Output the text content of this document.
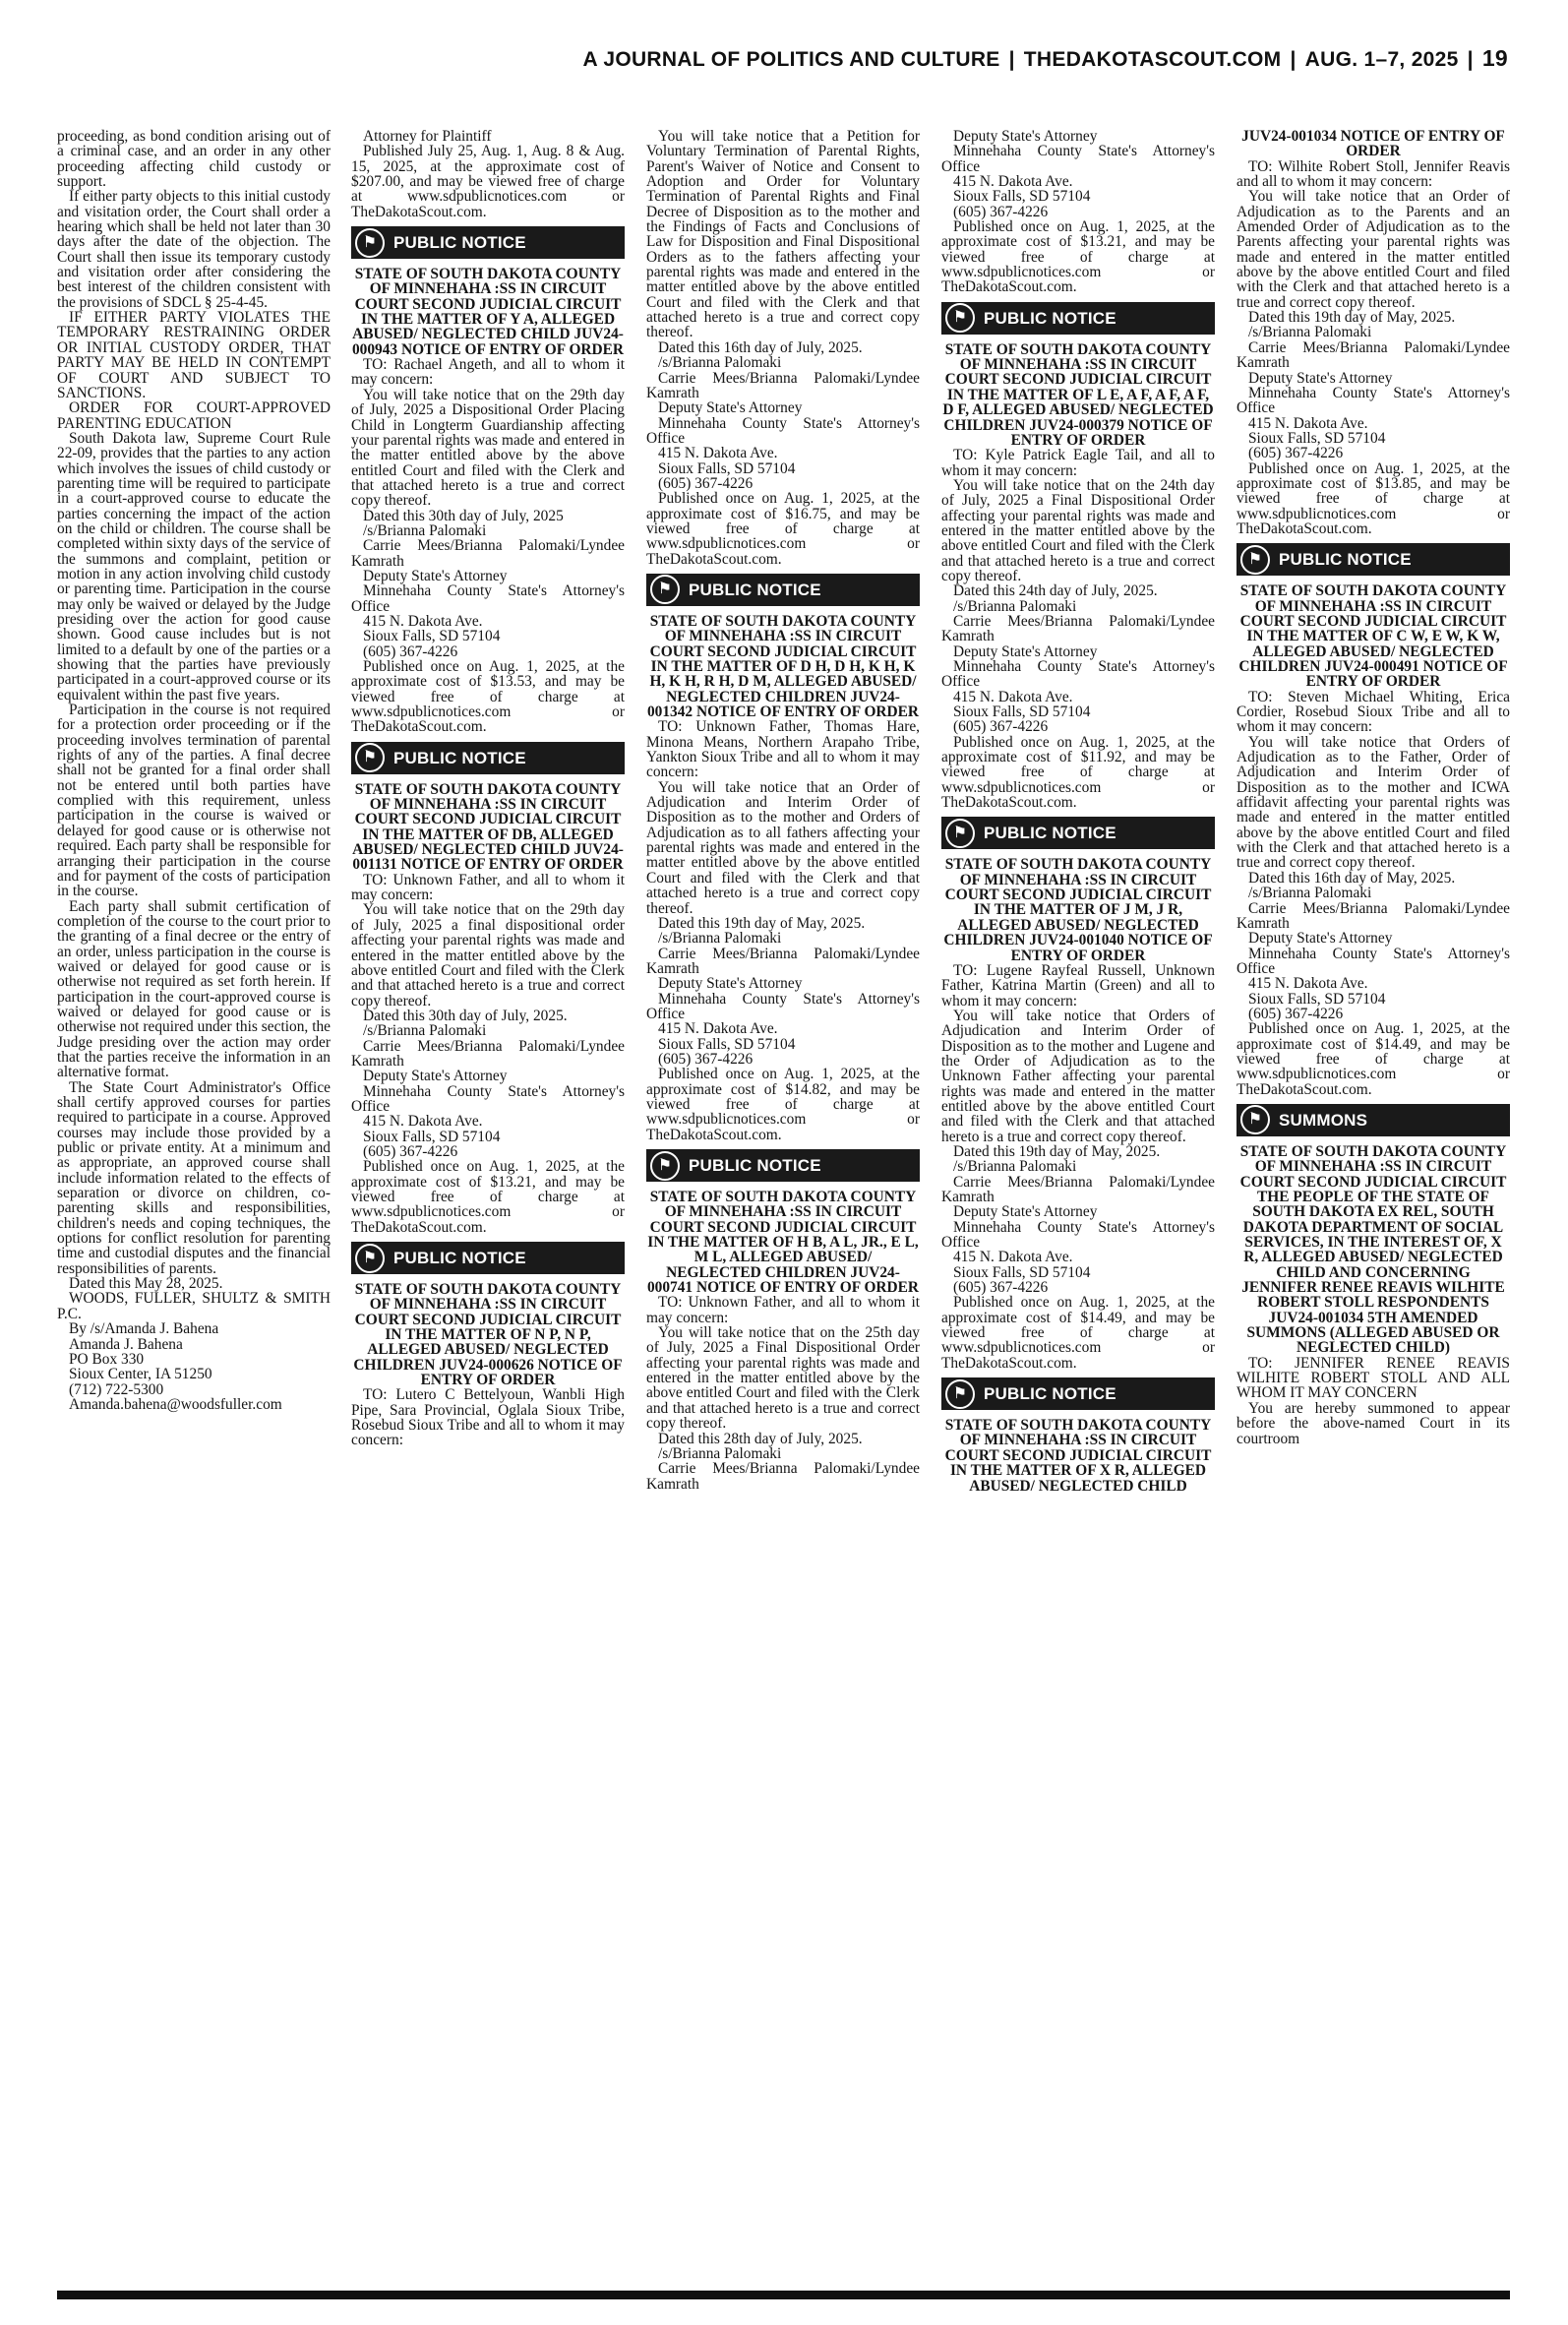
A JOURNAL OF POLITICS AND CULTURE | THEDAKOTASCOUT.COM | AUG. 1–7, 2025 | 19

proceeding, as bond condition arising out of a criminal case, and an order in any other proceeding affecting child custody or support.

If either party objects to this initial custody and visitation order, the Court shall order a hearing which shall be held not later than 30 days after the date of the objection. The Court shall then issue its temporary custody and visitation order after considering the best interest of the children consistent with the provisions of SDCL § 25-4-45.

IF EITHER PARTY VIOLATES THE TEMPORARY RESTRAINING ORDER OR INITIAL CUSTODY ORDER, THAT PARTY MAY BE HELD IN CONTEMPT OF COURT AND SUBJECT TO SANCTIONS.

ORDER FOR COURT-APPROVED PARENTING EDUCATION

South Dakota law, Supreme Court Rule 22-09, provides that the parties to any action which involves the issues of child custody or parenting time will be required to participate in a court-approved course to educate the parties concerning the impact of the action on the child or children. The course shall be completed within sixty days of the service of the summons and complaint, petition or motion in any action involving child custody or parenting time. Participation in the course may only be waived or delayed by the Judge presiding over the action for good cause shown. Good cause includes but is not limited to a default by one of the parties or a showing that the parties have previously participated in a court-approved course or its equivalent within the past five years.

Participation in the course is not required for a protection order proceeding or if the proceeding involves termination of parental rights of any of the parties. A final decree shall not be granted for a final order shall not be entered until both parties have complied with this requirement, unless participation in the course is waived or delayed for good cause or is otherwise not required. Each party shall be responsible for arranging their participation in the course and for payment of the costs of participation in the course.

Each party shall submit certification of completion of the course to the court prior to the granting of a final decree or the entry of an order, unless participation in the course is waived or delayed for good cause or is otherwise not required as set forth herein. If participation in the court-approved course is waived or delayed for good cause or is otherwise not required under this section, the Judge presiding over the action may order that the parties receive the information in an alternative format.

The State Court Administrator's Office shall certify approved courses for parties required to participate in a course. Approved courses may include those provided by a public or private entity. At a minimum and as appropriate, an approved course shall include information related to the effects of separation or divorce on children, co-parenting skills and responsibilities, children's needs and coping techniques, the options for conflict resolution for parenting time and custodial disputes and the financial responsibilities of parents.

Dated this May 28, 2025.

WOODS, FULLER, SHULTZ & SMITH P.C.

By /s/Amanda J. Bahena

Amanda J. Bahena

PO Box 330

Sioux Center, IA 51250

(712) 722-5300

Amanda.bahena@woodsfuller.com

Attorney for Plaintiff

Published July 25, Aug. 1, Aug. 8 & Aug. 15, 2025, at the approximate cost of $207.00, and may be viewed free of charge at www.sdpublicnotices.com or TheDakotaScout.com.

⚑ PUBLIC NOTICE

STATE OF SOUTH DAKOTA COUNTY OF MINNEHAHA :SS IN CIRCUIT COURT SECOND JUDICIAL CIRCUIT IN THE MATTER OF Y A, ALLEGED ABUSED/ NEGLECTED CHILD JUV24-000943 NOTICE OF ENTRY OF ORDER

TO: Rachael Angeth, and all to whom it may concern:

You will take notice that on the 29th day of July, 2025 a Dispositional Order Placing Child in Longterm Guardianship affecting your parental rights was made and entered in the matter entitled above by the above entitled Court and filed with the Clerk and that attached hereto is a true and correct copy thereof.

Dated this 30th day of July, 2025

/s/Brianna Palomaki

Carrie Mees/Brianna Palomaki/Lyndee Kamrath

Deputy State's Attorney

Minnehaha County State's Attorney's Office

415 N. Dakota Ave.

Sioux Falls, SD 57104

(605) 367-4226

Published once on Aug. 1, 2025, at the approximate cost of $13.53, and may be viewed free of charge at www.sdpublicnotices.com or TheDakotaScout.com.

⚑ PUBLIC NOTICE

STATE OF SOUTH DAKOTA COUNTY OF MINNEHAHA :SS IN CIRCUIT COURT SECOND JUDICIAL CIRCUIT IN THE MATTER OF DB, ALLEGED ABUSED/ NEGLECTED CHILD JUV24-001131 NOTICE OF ENTRY OF ORDER

TO: Unknown Father, and all to whom it may concern:

You will take notice that on the 29th day of July, 2025 a final dispositional order affecting your parental rights was made and entered in the matter entitled above by the above entitled Court and filed with the Clerk and that attached hereto is a true and correct copy thereof.

Dated this 30th day of July, 2025.

/s/Brianna Palomaki

Carrie Mees/Brianna Palomaki/Lyndee Kamrath

Deputy State's Attorney

Minnehaha County State's Attorney's Office

415 N. Dakota Ave.

Sioux Falls, SD 57104

(605) 367-4226

Published once on Aug. 1, 2025, at the approximate cost of $13.21, and may be viewed free of charge at www.sdpublicnotices.com or TheDakotaScout.com.

⚑ PUBLIC NOTICE

STATE OF SOUTH DAKOTA COUNTY OF MINNEHAHA :SS IN CIRCUIT COURT SECOND JUDICIAL CIRCUIT IN THE MATTER OF N P, N P, ALLEGED ABUSED/ NEGLECTED CHILDREN JUV24-000626 NOTICE OF ENTRY OF ORDER

TO: Lutero C Bettelyoun, Wanbli High Pipe, Sara Provincial, Oglala Sioux Tribe, Rosebud Sioux Tribe and all to whom it may concern:

You will take notice that a Petition for Voluntary Termination of Parental Rights, Parent's Waiver of Notice and Consent to Adoption and Order for Voluntary Termination of Parental Rights and Final Decree of Disposition as to the mother and the Findings of Facts and Conclusions of Law for Disposition and Final Dispositional Orders as to the fathers affecting your parental rights was made and entered in the matter entitled above by the above entitled Court and filed with the Clerk and that attached hereto is a true and correct copy thereof.

Dated this 16th day of July, 2025.

/s/Brianna Palomaki

Carrie Mees/Brianna Palomaki/Lyndee Kamrath

Deputy State's Attorney

Minnehaha County State's Attorney's Office

415 N. Dakota Ave.

Sioux Falls, SD 57104

(605) 367-4226

Published once on Aug. 1, 2025, at the approximate cost of $16.75, and may be viewed free of charge at www.sdpublicnotices.com or TheDakotaScout.com.

⚑ PUBLIC NOTICE

STATE OF SOUTH DAKOTA COUNTY OF MINNEHAHA :SS IN CIRCUIT COURT SECOND JUDICIAL CIRCUIT IN THE MATTER OF D H, D H, K H, K H, K H, R H, D M, ALLEGED ABUSED/ NEGLECTED CHILDREN JUV24-001342 NOTICE OF ENTRY OF ORDER

TO: Unknown Father, Thomas Hare, Minona Means, Northern Arapaho Tribe, Yankton Sioux Tribe and all to whom it may concern:

You will take notice that an Order of Adjudication and Interim Order of Disposition as to the mother and Orders of Adjudication as to all fathers affecting your parental rights was made and entered in the matter entitled above by the above entitled Court and filed with the Clerk and that attached hereto is a true and correct copy thereof.

Dated this 19th day of May, 2025.

/s/Brianna Palomaki

Carrie Mees/Brianna Palomaki/Lyndee Kamrath

Deputy State's Attorney

Minnehaha County State's Attorney's Office

415 N. Dakota Ave.

Sioux Falls, SD 57104

(605) 367-4226

Published once on Aug. 1, 2025, at the approximate cost of $14.82, and may be viewed free of charge at www.sdpublicnotices.com or TheDakotaScout.com.

⚑ PUBLIC NOTICE

STATE OF SOUTH DAKOTA COUNTY OF MINNEHAHA :SS IN CIRCUIT COURT SECOND JUDICIAL CIRCUIT IN THE MATTER OF H B, A L, JR., E L, M L, ALLEGED ABUSED/ NEGLECTED CHILDREN JUV24-000741 NOTICE OF ENTRY OF ORDER

TO: Unknown Father, and all to whom it may concern:

You will take notice that on the 25th day of July, 2025 a Final Dispositional Order affecting your parental rights was made and entered in the matter entitled above by the above entitled Court and filed with the Clerk and that attached hereto is a true and correct copy thereof.

Dated this 28th day of July, 2025.

/s/Brianna Palomaki

Carrie Mees/Brianna Palomaki/Lyndee Kamrath

Deputy State's Attorney

Minnehaha County State's Attorney's Office

415 N. Dakota Ave.

Sioux Falls, SD 57104

(605) 367-4226

Published once on Aug. 1, 2025, at the approximate cost of $13.21, and may be viewed free of charge at www.sdpublicnotices.com or TheDakotaScout.com.

⚑ PUBLIC NOTICE

STATE OF SOUTH DAKOTA COUNTY OF MINNEHAHA :SS IN CIRCUIT COURT SECOND JUDICIAL CIRCUIT IN THE MATTER OF L E, A F, A F, A F, D F, ALLEGED ABUSED/ NEGLECTED CHILDREN JUV24-000379 NOTICE OF ENTRY OF ORDER

TO: Kyle Patrick Eagle Tail, and all to whom it may concern:

You will take notice that on the 24th day of July, 2025 a Final Dispositional Order affecting your parental rights was made and entered in the matter entitled above by the above entitled Court and filed with the Clerk and that attached hereto is a true and correct copy thereof.

Dated this 24th day of July, 2025.

/s/Brianna Palomaki

Carrie Mees/Brianna Palomaki/Lyndee Kamrath

Deputy State's Attorney

Minnehaha County State's Attorney's Office

415 N. Dakota Ave.

Sioux Falls, SD 57104

(605) 367-4226

Published once on Aug. 1, 2025, at the approximate cost of $11.92, and may be viewed free of charge at www.sdpublicnotices.com or TheDakotaScout.com.

⚑ PUBLIC NOTICE

STATE OF SOUTH DAKOTA COUNTY OF MINNEHAHA :SS IN CIRCUIT COURT SECOND JUDICIAL CIRCUIT IN THE MATTER OF J M, J R, ALLEGED ABUSED/ NEGLECTED CHILDREN JUV24-001040 NOTICE OF ENTRY OF ORDER

TO: Lugene Rayfeal Russell, Unknown Father, Katrina Martin (Green) and all to whom it may concern:

You will take notice that Orders of Adjudication and Interim Order of Disposition as to the mother and Lugene and the Order of Adjudication as to the Unknown Father affecting your parental rights was made and entered in the matter entitled above by the above entitled Court and filed with the Clerk and that attached hereto is a true and correct copy thereof.

Dated this 19th day of May, 2025.

/s/Brianna Palomaki

Carrie Mees/Brianna Palomaki/Lyndee Kamrath

Deputy State's Attorney

Minnehaha County State's Attorney's Office

415 N. Dakota Ave.

Sioux Falls, SD 57104

(605) 367-4226

Published once on Aug. 1, 2025, at the approximate cost of $14.49, and may be viewed free of charge at www.sdpublicnotices.com or TheDakotaScout.com.

⚑ PUBLIC NOTICE

STATE OF SOUTH DAKOTA COUNTY OF MINNEHAHA :SS IN CIRCUIT COURT SECOND JUDICIAL CIRCUIT IN THE MATTER OF X R, ALLEGED ABUSED/ NEGLECTED CHILD

JUV24-001034 NOTICE OF ENTRY OF ORDER

TO: Wilhite Robert Stoll, Jennifer Reavis and all to whom it may concern:

You will take notice that an Order of Adjudication as to the Parents and an Amended Order of Adjudication as to the Parents affecting your parental rights was made and entered in the matter entitled above by the above entitled Court and filed with the Clerk and that attached hereto is a true and correct copy thereof.

Dated this 19th day of May, 2025.

/s/Brianna Palomaki

Carrie Mees/Brianna Palomaki/Lyndee Kamrath

Deputy State's Attorney

Minnehaha County State's Attorney's Office

415 N. Dakota Ave.

Sioux Falls, SD 57104

(605) 367-4226

Published once on Aug. 1, 2025, at the approximate cost of $13.85, and may be viewed free of charge at www.sdpublicnotices.com or TheDakotaScout.com.

⚑ PUBLIC NOTICE

STATE OF SOUTH DAKOTA COUNTY OF MINNEHAHA :SS IN CIRCUIT COURT SECOND JUDICIAL CIRCUIT IN THE MATTER OF C W, E W, K W, ALLEGED ABUSED/ NEGLECTED CHILDREN JUV24-000491 NOTICE OF ENTRY OF ORDER

TO: Steven Michael Whiting, Erica Cordier, Rosebud Sioux Tribe and all to whom it may concern:

You will take notice that Orders of Adjudication as to the Father, Order of Adjudication and Interim Order of Disposition as to the mother and ICWA affidavit affecting your parental rights was made and entered in the matter entitled above by the above entitled Court and filed with the Clerk and that attached hereto is a true and correct copy thereof.

Dated this 16th day of May, 2025.

/s/Brianna Palomaki

Carrie Mees/Brianna Palomaki/Lyndee Kamrath

Deputy State's Attorney

Minnehaha County State's Attorney's Office

415 N. Dakota Ave.

Sioux Falls, SD 57104

(605) 367-4226

Published once on Aug. 1, 2025, at the approximate cost of $14.49, and may be viewed free of charge at www.sdpublicnotices.com or TheDakotaScout.com.

⚑ SUMMONS

STATE OF SOUTH DAKOTA COUNTY OF MINNEHAHA :SS IN CIRCUIT COURT SECOND JUDICIAL CIRCUIT THE PEOPLE OF THE STATE OF SOUTH DAKOTA EX REL, SOUTH DAKOTA DEPARTMENT OF SOCIAL SERVICES, IN THE INTEREST OF, X R, ALLEGED ABUSED/ NEGLECTED CHILD AND CONCERNING JENNIFER RENEE REAVIS WILHITE ROBERT STOLL RESPONDENTS JUV24-001034 5TH AMENDED SUMMONS (ALLEGED ABUSED OR NEGLECTED CHILD)

TO: JENNIFER RENEE REAVIS WILHITE ROBERT STOLL AND ALL WHOM IT MAY CONCERN

You are hereby summoned to appear before the above-named Court in its courtroom
